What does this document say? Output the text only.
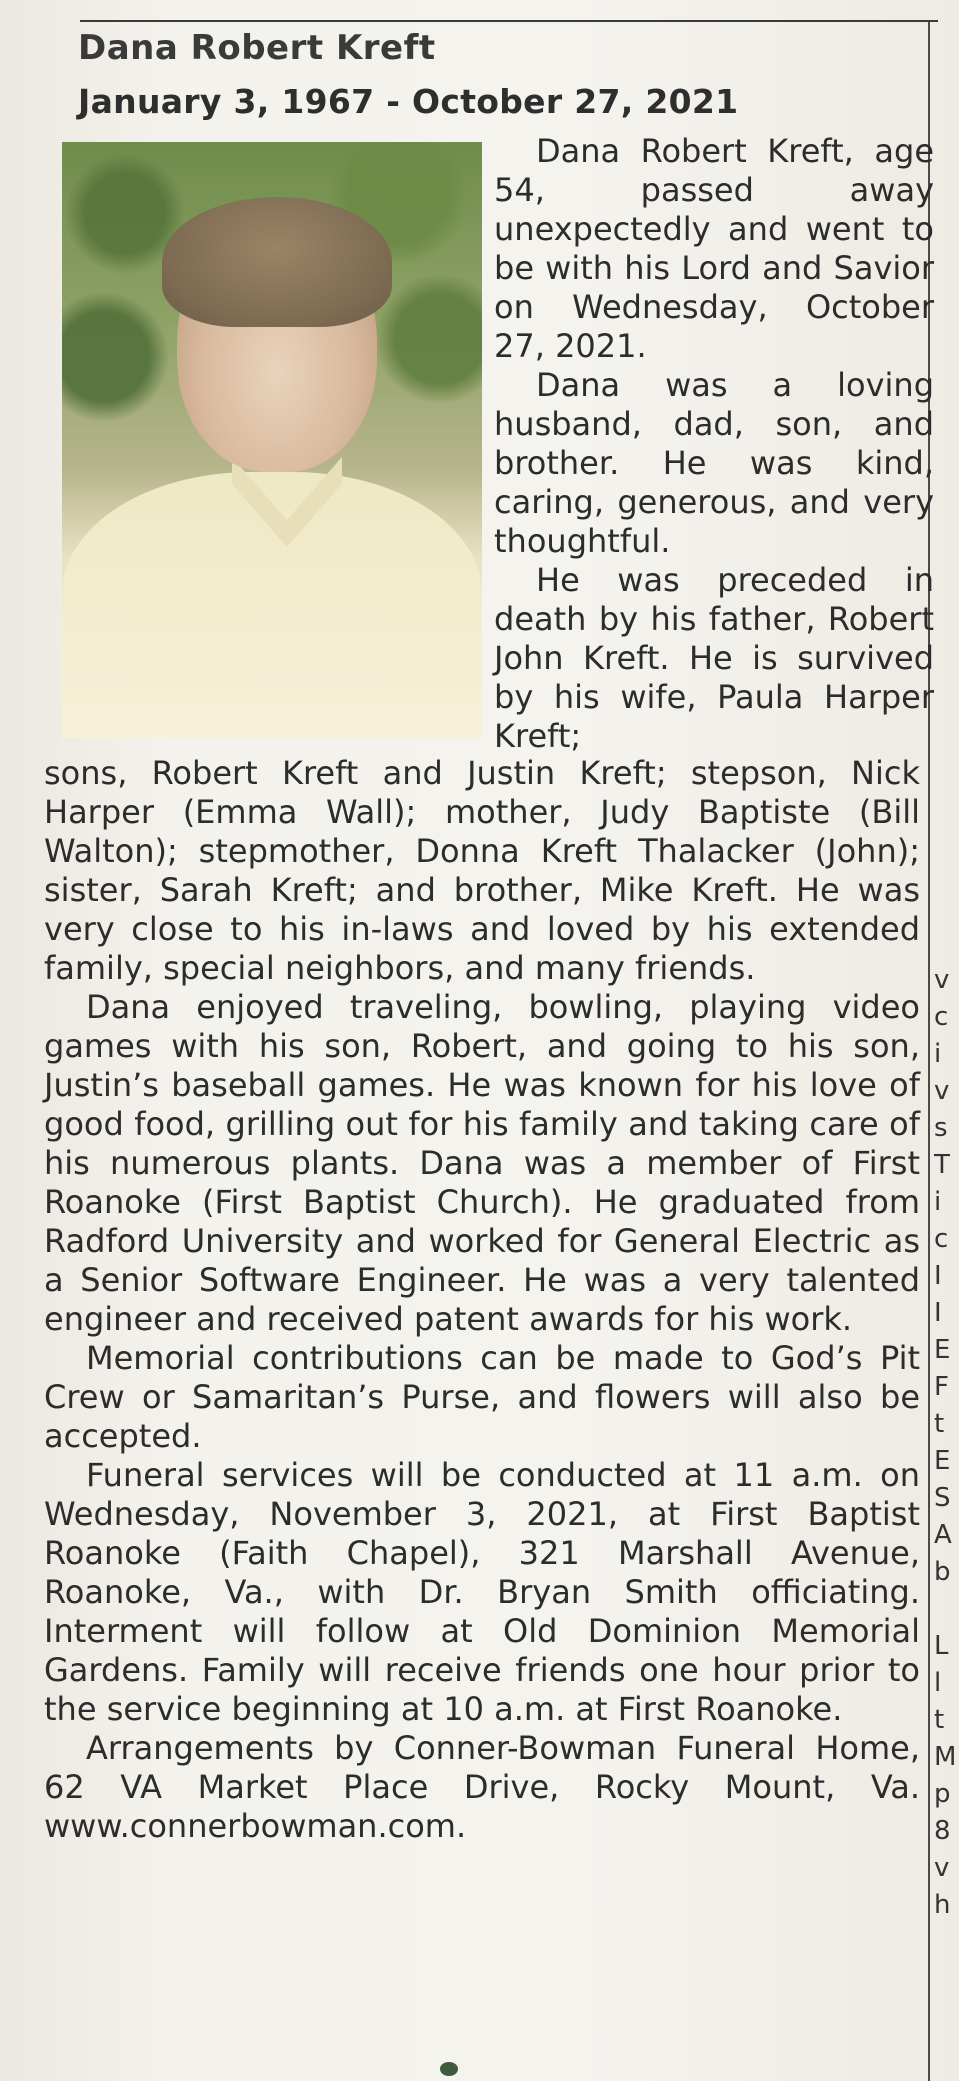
Dana Robert Kreft
January 3, 1967 - October 27, 2021

Dana Robert Kreft, age 54, passed away unexpectedly and went to be with his Lord and Savior on Wednesday, October 27, 2021.

Dana was a loving husband, dad, son, and brother. He was kind, caring, generous, and very thoughtful.

He was preceded in death by his father, Robert John Kreft. He is survived by his wife, Paula Harper Kreft;

sons, Robert Kreft and Justin Kreft; stepson, Nick Harper (Emma Wall); mother, Judy Baptiste (Bill Walton); stepmother, Donna Kreft Thalacker (John); sister, Sarah Kreft; and brother, Mike Kreft. He was very close to his in-laws and loved by his extended family, special neighbors, and many friends.

Dana enjoyed traveling, bowling, playing video games with his son, Robert, and going to his son, Justin’s baseball games. He was known for his love of good food, grilling out for his family and taking care of his numerous plants. Dana was a member of First Roanoke (First Baptist Church). He graduated from Radford University and worked for General Electric as a Senior Software Engineer. He was a very talented engineer and received patent awards for his work.

Memorial contributions can be made to God’s Pit Crew or Samaritan’s Purse, and flowers will also be accepted.

Funeral services will be conducted at 11 a.m. on Wednesday, November 3, 2021, at First Baptist Roanoke (Faith Chapel), 321 Marshall Avenue, Roanoke, Va., with Dr. Bryan Smith officiating. Interment will follow at Old Dominion Memorial Gardens. Family will receive friends one hour prior to the service beginning at 10 a.m. at First Roanoke.

Arrangements by Conner-Bowman Funeral Home, 62 VA Market Place Drive, Rocky Mount, Va. www.connerbowman.com.

v
c
i
v
s
T
i
c
I
I
E
F
t
E
S
A
b

L
l
t
M
p
8
v
h
